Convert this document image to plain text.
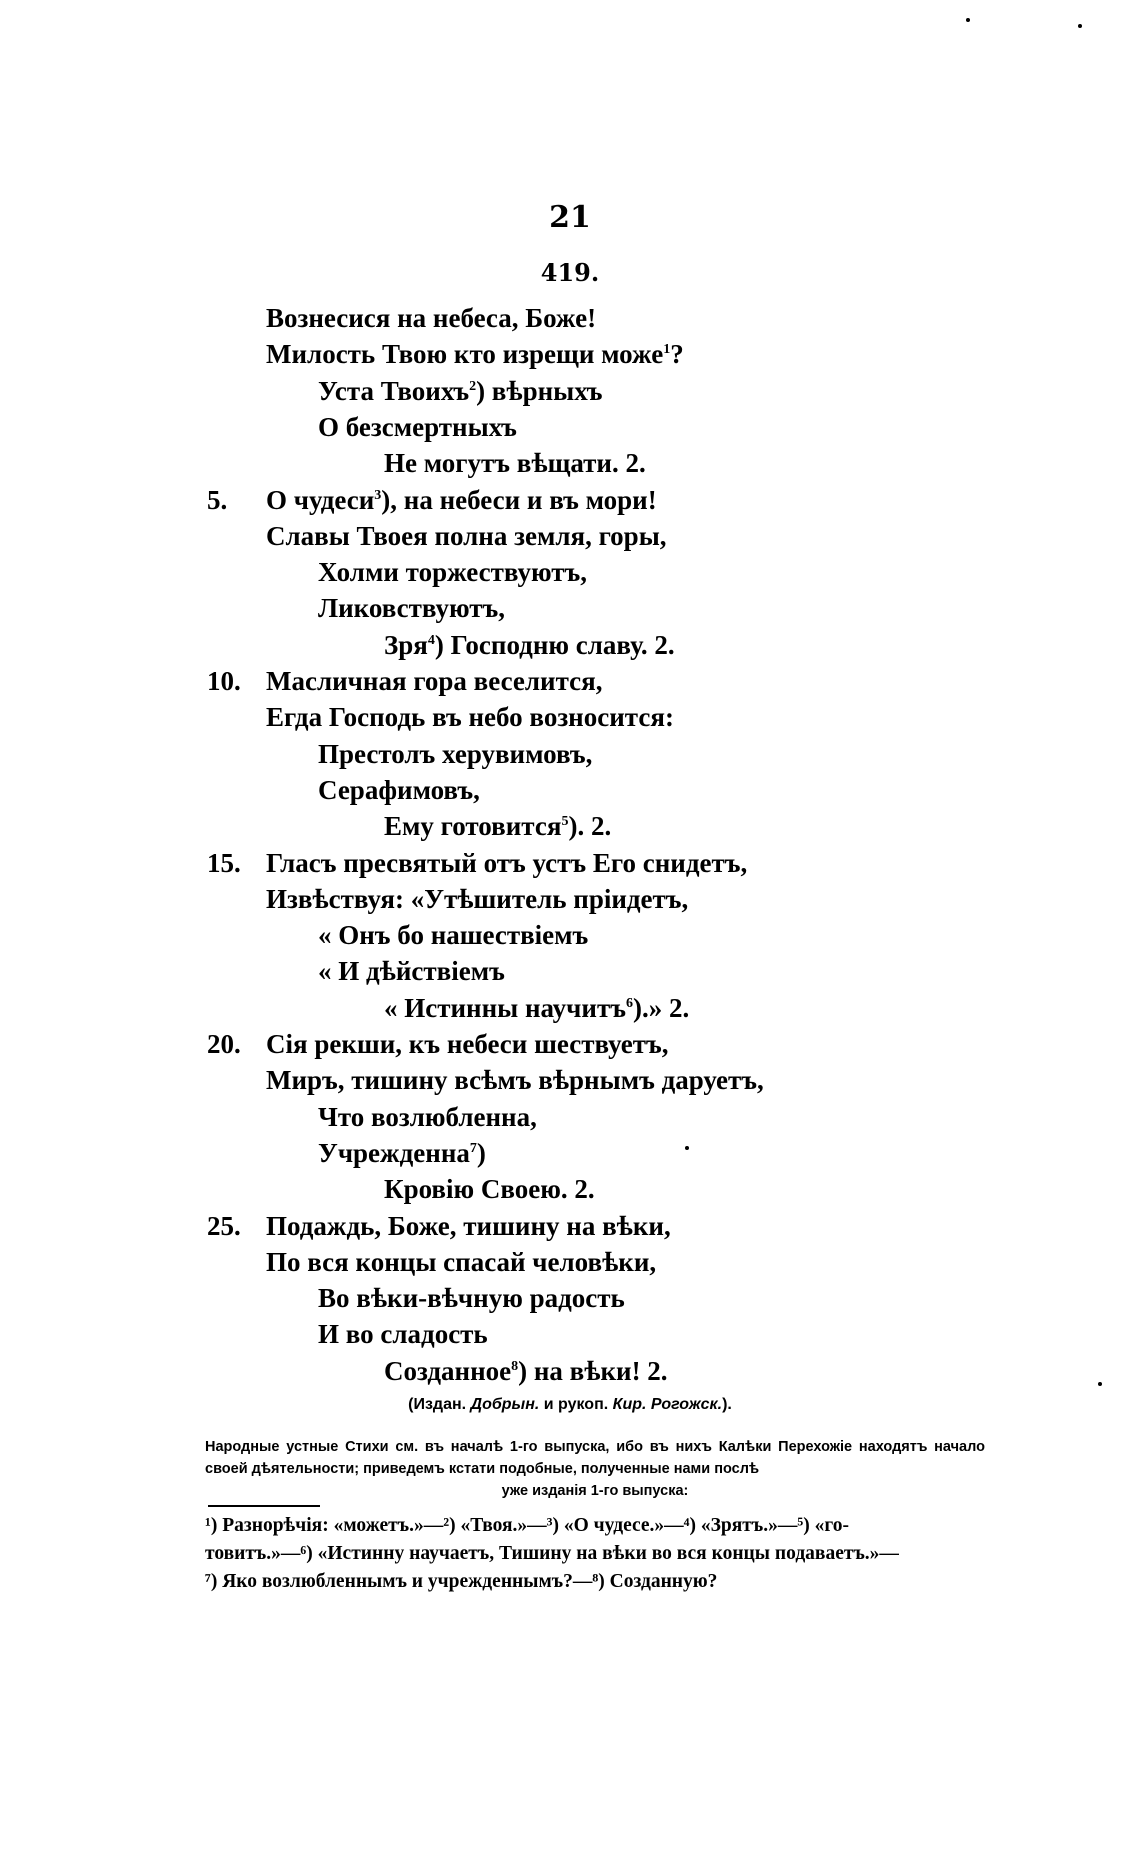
21
419.
Вознесися на небеса, Боже!
Милость Твою кто изрещи може$^1$?
Уста Твоихъ$^2$) вѣрныхъ
О безсмертныхъ
Не могутъ вѣщати. 2.
5.	О чудеси$^3$), на небеси и въ мори!
Славы Твоея полна земля, горы,
Холми торжествуютъ,
Ликовствуютъ,
Зря$^4$) Господню славу. 2.
10. Масличная гора веселится,
Егда Господь въ небо возносится:
Престолъ херувимовъ,
Серафимовъ,
Ему готовится$^5$). 2.
15. Гласъ пресвятый отъ устъ Его снидетъ,
Извѣствуя: «Утѣшитель пріидетъ,
« Онъ бо нашествіемъ
« И дѣйствіемъ
« Истинны научитъ$^6$).» 2.
20. Сія рекши, къ небеси шествуетъ,
Миръ, тишину всѣмъ вѣрнымъ даруетъ,
Что возлюбленна,
Учрежденна$^7$)
Кровію Своею. 2.
25. Подаждь, Боже, тишину на вѣки,
По вся концы спасай человѣки,
Во вѣки-вѣчную радость
И во сладость
Созданное$^8$) на вѣки! 2.
(Издан. Добрын. и рукоп. Кир. Рогожск.).
Народные устные Стихи см. въ началѣ 1-го выпуска, ибо въ нихъ Калѣки Перехожіе находятъ начало своей дѣятельности; приведемъ кстати подобные, полученные нами послѣ
уже изданія 1-го выпуска:
¹) Разнорѣчія: «можетъ.»—²) «Твоя.»—³) «О чудесе.»—⁴) «Зрятъ.»—⁵) «го-
товитъ.»—⁶) «Истинну научаетъ, Тишину на вѣки во вся концы подаваетъ.»—
⁷) Яко возлюбленнымъ и учрежденнымъ?—⁸) Созданную?
